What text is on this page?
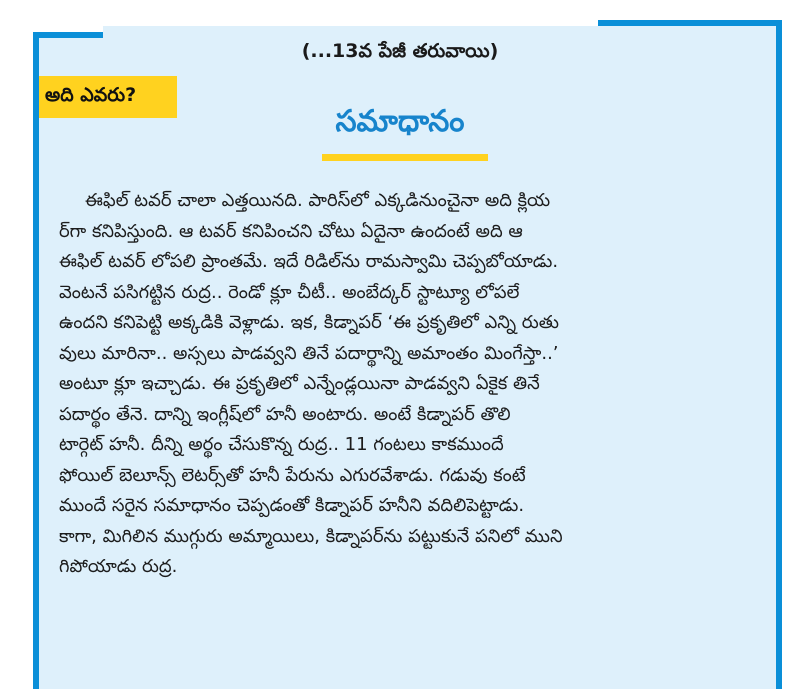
(...13వ పేజీ తరువాయి)
అది ఎవరు?
సమాధానం
ఈఫిల్ టవర్ చాలా ఎత్తయినది. పారిస్‌లో ఎక్కడినుంచైనా అది క్లియ
ర్‌గా కనిపిస్తుంది. ఆ టవర్ కనిపించని చోటు ఏదైనా ఉందంటే అది ఆ
ఈఫిల్ టవర్ లోపలి ప్రాంతమే. ఇదే రిడిల్‌ను రామస్వామి చెప్పబోయాడు.
వెంటనే పసిగట్టిన రుద్ర.. రెండో క్లూ చీటీ.. అంబేద్కర్ స్టాట్యూ లోపలే
ఉందని కనిపెట్టి అక్కడికి వెళ్లాడు. ఇక, కిడ్నాపర్ ‘ఈ ప్రకృతిలో ఎన్ని రుతు
వులు మారినా.. అస్సలు పాడవ్వని తినే పదార్థాన్ని అమాంతం మింగేస్తా..’
అంటూ క్లూ ఇచ్చాడు. ఈ ప్రకృతిలో ఎన్నేండ్లయినా పాడవ్వని ఏకైక తినే
పదార్థం తేనె. దాన్ని ఇంగ్లీష్‌లో హనీ అంటారు. అంటే కిడ్నాపర్ తొలి
టార్గెట్ హనీ. దీన్ని అర్థం చేసుకొన్న రుద్ర.. 11 గంటలు కాకముందే
ఫోయిల్ బెలూన్స్ లెటర్స్‌తో హనీ పేరును ఎగురవేశాడు. గడువు కంటే
ముందే సరైన సమాధానం చెప్పడంతో కిడ్నాపర్ హనీని వదిలిపెట్టాడు.
కాగా, మిగిలిన ముగ్గురు అమ్మాయిలు, కిడ్నాపర్‌ను పట్టుకునే పనిలో ముని
గిపోయాడు రుద్ర.
